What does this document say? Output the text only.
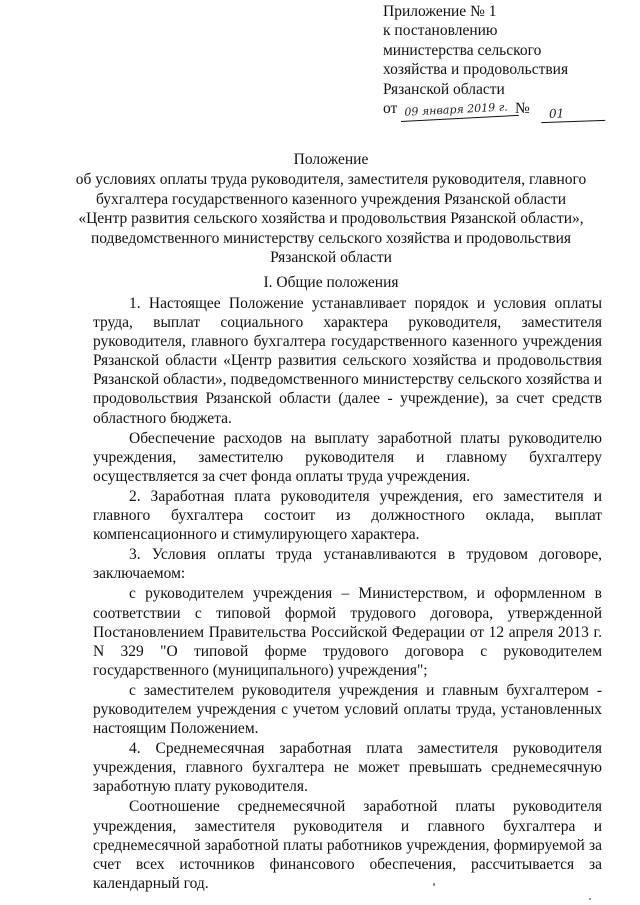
Приложение № 1
к постановлению
министерства сельского
хозяйства и продовольствия
Рязанской области
от 09 января 2019 г. №	01
Положение
об условиях оплаты труда руководителя, заместителя руководителя, главного бухгалтера государственного казенного учреждения Рязанской области «Центр развития сельского хозяйства и продовольствия Рязанской области», подведомственного министерству сельского хозяйства и продовольствия Рязанской области
I. Общие положения

1. Настоящее Положение устанавливает порядок и условия оплаты труда, выплат социального характера руководителя, заместителя руководителя, главного бухгалтера государственного казенного учреждения Рязанской области «Центр развития сельского хозяйства и продовольствия Рязанской области», подведомственного министерству сельского хозяйства и продовольствия Рязанской области (далее - учреждение), за счет средств областного бюджета.

Обеспечение расходов на выплату заработной платы руководителю учреждения, заместителю руководителя и главному бухгалтеру осуществляется за счет фонда оплаты труда учреждения.

2. Заработная плата руководителя учреждения, его заместителя и главного бухгалтера состоит из должностного оклада, выплат компенсационного и стимулирующего характера.

3. Условия оплаты труда устанавливаются в трудовом договоре, заключаемом:

с руководителем учреждения – Министерством, и оформленном в соответствии с типовой формой трудового договора, утвержденной Постановлением Правительства Российской Федерации от 12 апреля 2013 г. N 329 "О типовой форме трудового договора с руководителем государственного (муниципального) учреждения";

с заместителем руководителя учреждения и главным бухгалтером - руководителем учреждения с учетом условий оплаты труда, установленных настоящим Положением.

4. Среднемесячная заработная плата заместителя руководителя учреждения, главного бухгалтера не может превышать среднемесячную заработную плату руководителя.

Соотношение среднемесячной заработной платы руководителя учреждения, заместителя руководителя и главного бухгалтера и среднемесячной заработной платы работников учреждения, формируемой за счет всех источников финансового обеспечения, рассчитывается за календарный год.
